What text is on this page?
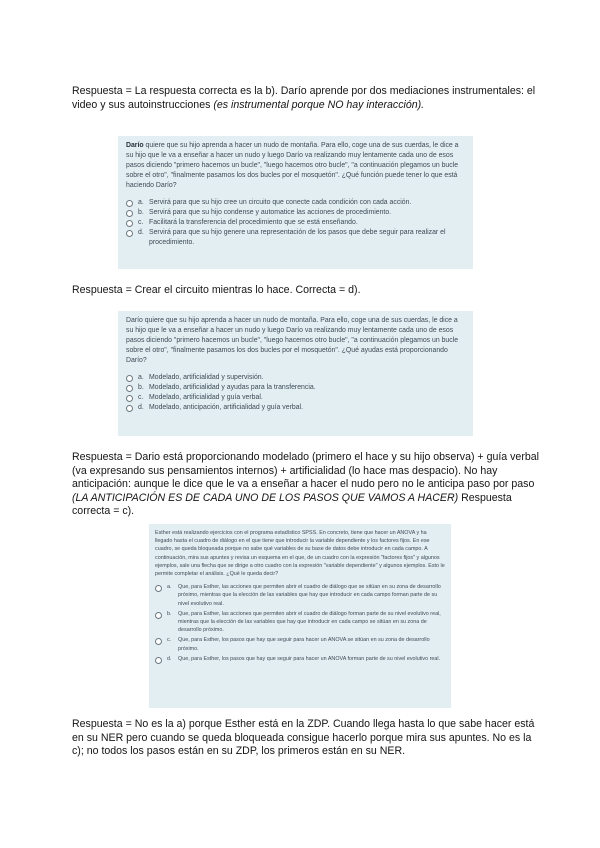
Respuesta = La respuesta correcta es la b). Darío aprende por dos mediaciones instrumentales: el video y sus autoinstrucciones (es instrumental porque NO hay interacción).

Darío quiere que su hijo aprenda a hacer un nudo de montaña. Para ello, coge una de sus cuerdas, le dice a su hijo que le va a enseñar a hacer un nudo y luego Darío va realizando muy lentamente cada uno de esos pasos diciendo "primero hacemos un bucle", "luego hacemos otro bucle", "a continuación plegamos un bucle sobre el otro", "finalmente pasamos los dos bucles por el mosquetón". ¿Qué función puede tener lo que está haciendo Darío?

a. Servirá para que su hijo cree un circuito que conecte cada condición con cada acción.
b. Servirá para que su hijo condense y automatice las acciones de procedimiento.
c. Facilitará la transferencia del procedimiento que se está enseñando.
d. Servirá para que su hijo genere una representación de los pasos que debe seguir para realizar el procedimiento.
Respuesta = Crear el circuito mientras lo hace. Correcta = d).

Darío quiere que su hijo aprenda a hacer un nudo de montaña. Para ello, coge una de sus cuerdas, le dice a su hijo que le va a enseñar a hacer un nudo y luego Darío va realizando muy lentamente cada uno de esos pasos diciendo "primero hacemos un bucle", "luego hacemos otro bucle", "a continuación plegamos un bucle sobre el otro", "finalmente pasamos los dos bucles por el mosquetón". ¿Qué ayudas está proporcionando Darío?

a. Modelado, artificialidad y supervisión.
b. Modelado, artificialidad y ayudas para la transferencia.
c. Modelado, artificialidad y guía verbal.
d. Modelado, anticipación, artificialidad y guía verbal.
Respuesta = Dario está proporcionando modelado (primero el hace y su hijo observa) + guía verbal (va expresando sus pensamientos internos) + artificialidad (lo hace mas despacio). No hay anticipación: aunque le dice que le va a enseñar a hacer el nudo pero no le anticipa paso por paso (LA ANTICIPACIÓN ES DE CADA UNO DE LOS PASOS QUE VAMOS A HACER) Respuesta correcta = c).

Esther está realizando ejercicios con el programa estadístico SPSS. En concreto, tiene que hacer un ANOVA y ha llegado hasta el cuadro de diálogo en el que tiene que introducir la variable dependiente y los factores fijos. En ese cuadro, se queda bloqueada porque no sabe qué variables de su base de datos debe introducir en cada campo. A continuación, mira sus apuntes y revisa un esquema en el que, de un cuadro con la expresión "factores fijos" y algunos ejemplos, sale una flecha que se dirige a otro cuadro con la expresión "variable dependiente" y algunos ejemplos. Esto le permite completar el análisis. ¿Qué le queda decir?

a.	Que, para Esther, las acciones que permiten abrir el cuadro de diálogo que se sitúan en su zona de desarrollo próximo, mientras que la elección de las variables que hay que introducir en cada campo forman parte de su nivel evolutivo real.
b.	Que, para Esther, las acciones que permiten abrir el cuadro de diálogo forman parte de su nivel evolutivo real, mientras que la elección de las variables que hay que introducir en cada campo se sitúan en su zona de desarrollo próximo.
c.	Que, para Esther, los pasos que hay que seguir para hacer un ANOVA se sitúan en su zona de desarrollo próximo.
d.	Que, para Esther, los pasos que hay que seguir para hacer un ANOVA forman parte de su nivel evolutivo real.
Respuesta = No es la a) porque Esther está en la ZDP. Cuando llega hasta lo que sabe hacer está en su NER pero cuando se queda bloqueada consigue hacerlo porque mira sus apuntes. No es la c); no todos los pasos están en su ZDP, los primeros están en su NER.
